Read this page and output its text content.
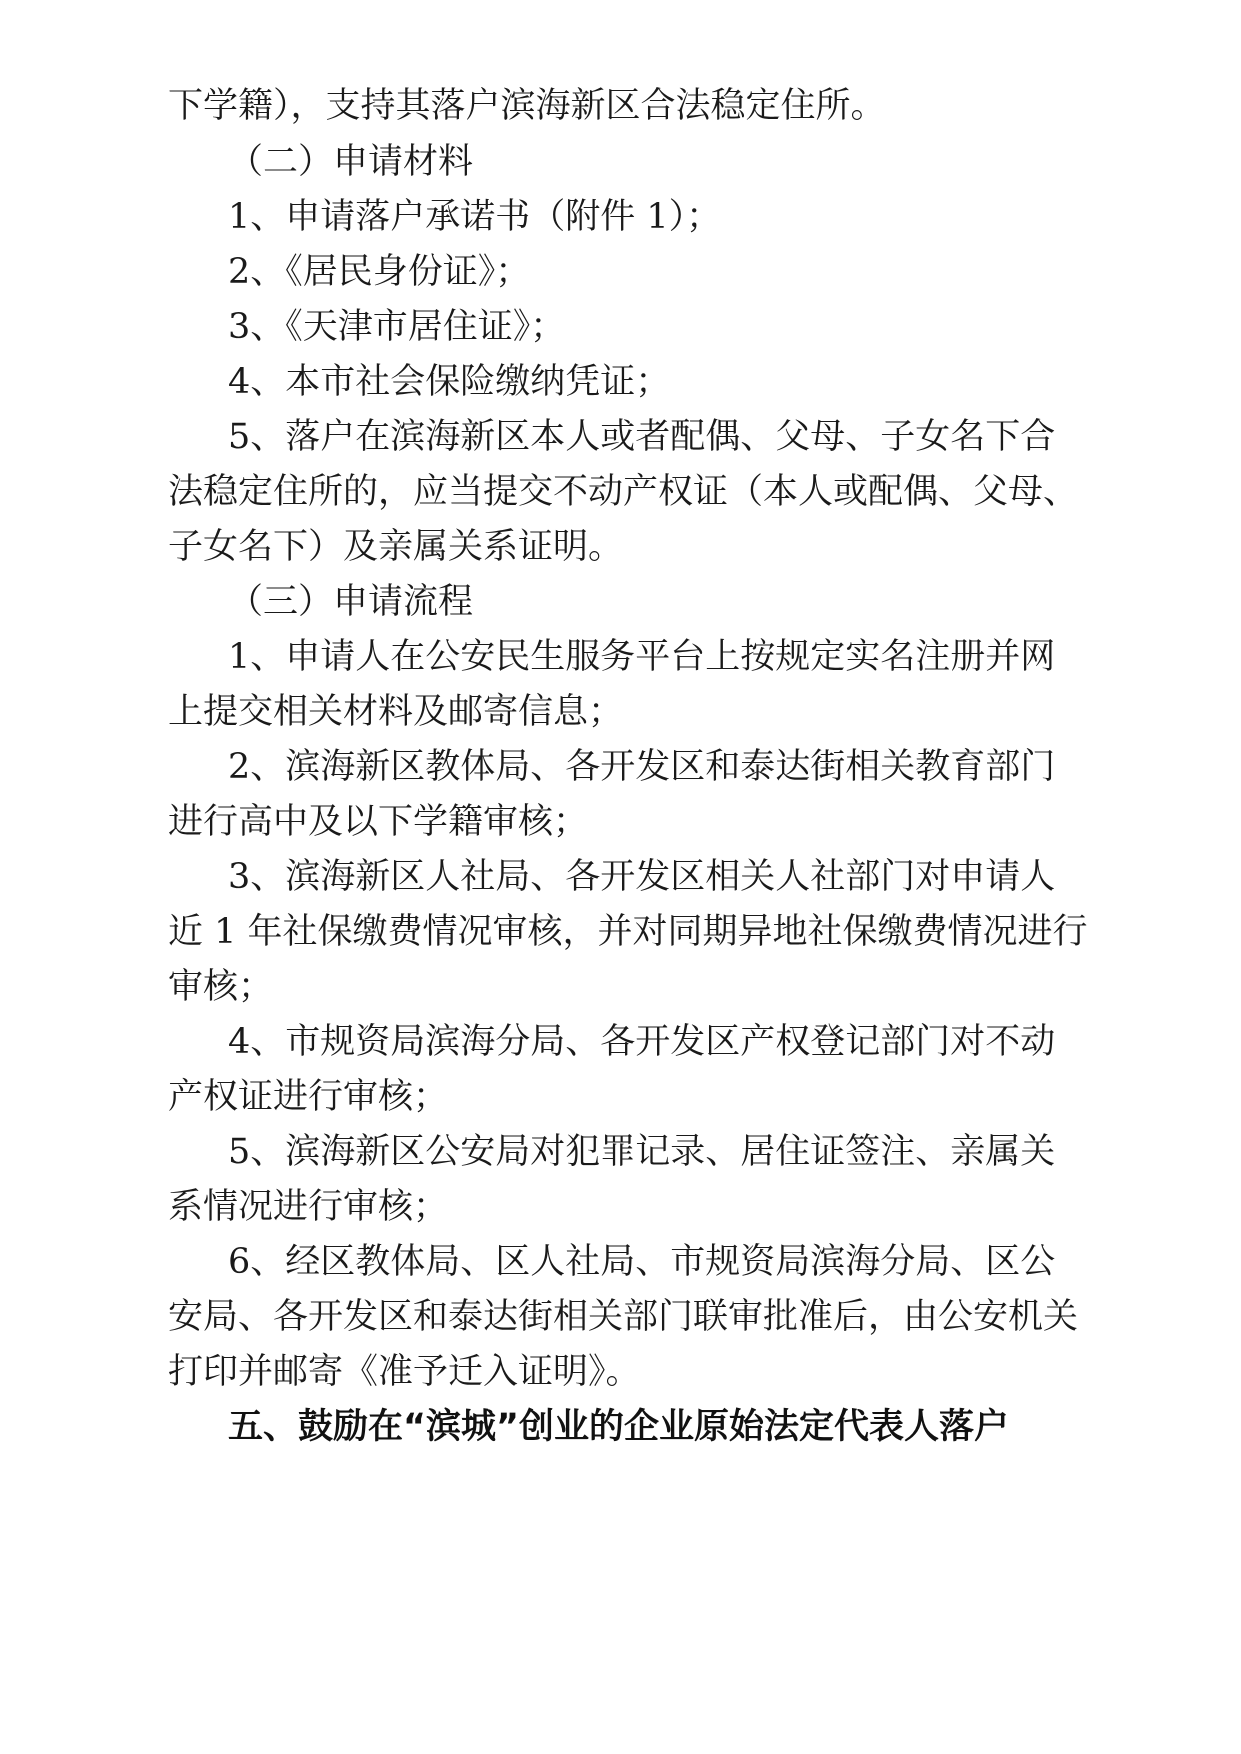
下学籍），支持其落户滨海新区合法稳定住所。
（二）申请材料
1、申请落户承诺书（附件 1）；
2、《居民身份证》；
3、《天津市居住证》；
4、本市社会保险缴纳凭证；
5、落户在滨海新区本人或者配偶、父母、子女名下合
法稳定住所的，应当提交不动产权证（本人或配偶、父母、
子女名下）及亲属关系证明。
（三）申请流程
1、申请人在公安民生服务平台上按规定实名注册并网
上提交相关材料及邮寄信息；
2、滨海新区教体局、各开发区和泰达街相关教育部门
进行高中及以下学籍审核；
3、滨海新区人社局、各开发区相关人社部门对申请人
近 1 年社保缴费情况审核，并对同期异地社保缴费情况进行
审核；
4、市规资局滨海分局、各开发区产权登记部门对不动
产权证进行审核；
5、滨海新区公安局对犯罪记录、居住证签注、亲属关
系情况进行审核；
6、经区教体局、区人社局、市规资局滨海分局、区公
安局、各开发区和泰达街相关部门联审批准后，由公安机关
打印并邮寄《准予迁入证明》。
五、鼓励在“滨城”创业的企业原始法定代表人落户
